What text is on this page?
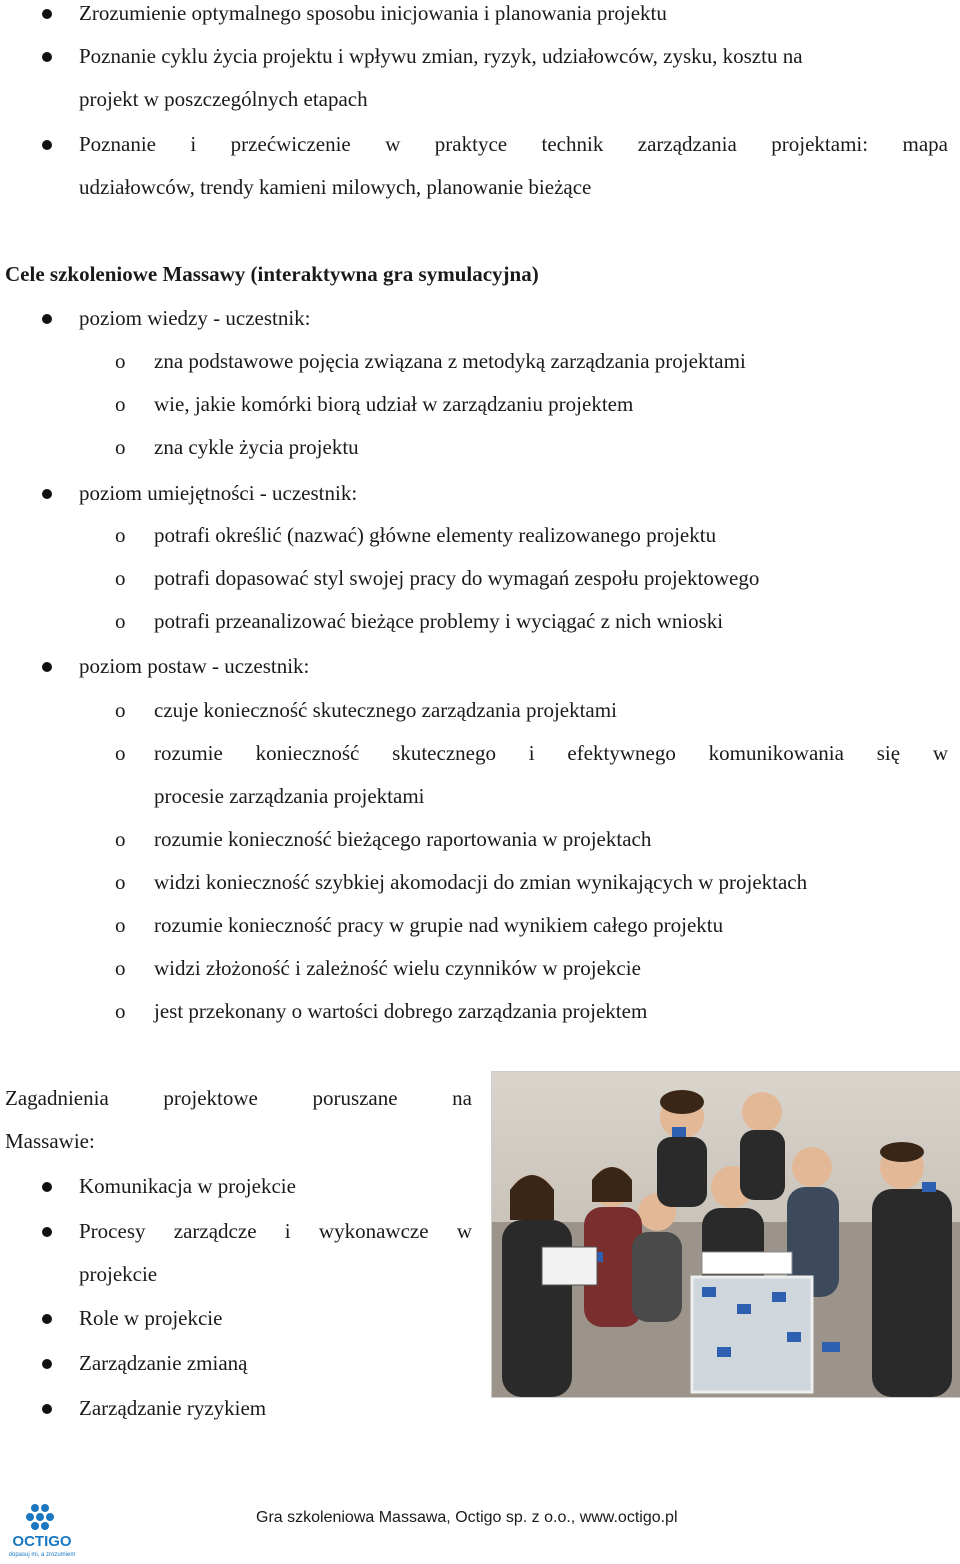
Zrozumienie optymalnego sposobu inicjowania i planowania projektu
Poznanie cyklu życia projektu i wpływu zmian, ryzyk, udziałowców, zysku, kosztu na
projekt w poszczególnych etapach
Poznanie i przećwiczenie w praktyce technik zarządzania projektami: mapa
udziałowców, trendy kamieni milowych, planowanie bieżące
Cele szkoleniowe Massawy (interaktywna gra symulacyjna)
poziom wiedzy - uczestnik:
o zna podstawowe pojęcia związana z metodyką zarządzania projektami
o wie, jakie komórki biorą udział w zarządzaniu projektem
o zna cykle życia projektu
poziom umiejętności - uczestnik:
o potrafi określić (nazwać) główne elementy realizowanego projektu
o potrafi dopasować styl swojej pracy do wymagań zespołu projektowego
o potrafi przeanalizować bieżące problemy i wyciągać z nich wnioski
poziom postaw - uczestnik:
o czuje konieczność skutecznego zarządzania projektami
o rozumie konieczność skutecznego i efektywnego komunikowania się w
procesie zarządzania projektami
o rozumie konieczność bieżącego raportowania w projektach
o widzi konieczność szybkiej akomodacji do zmian wynikających w projektach
o rozumie konieczność pracy w grupie nad wynikiem całego projektu
o widzi złożoność i zależność wielu czynników w projekcie
o jest przekonany o wartości dobrego zarządzania projektem
Zagadnienia projektowe poruszane na
Massawie:
Komunikacja w projekcie
Procesy zarządcze i wykonawcze w
projekcie
Role w projekcie
Zarządzanie zmianą
Zarządzanie ryzykiem
OCTIGO
dopasuj mi, a zrozumiem
Gra szkoleniowa Massawa, Octigo sp. z o.o., www.octigo.pl
